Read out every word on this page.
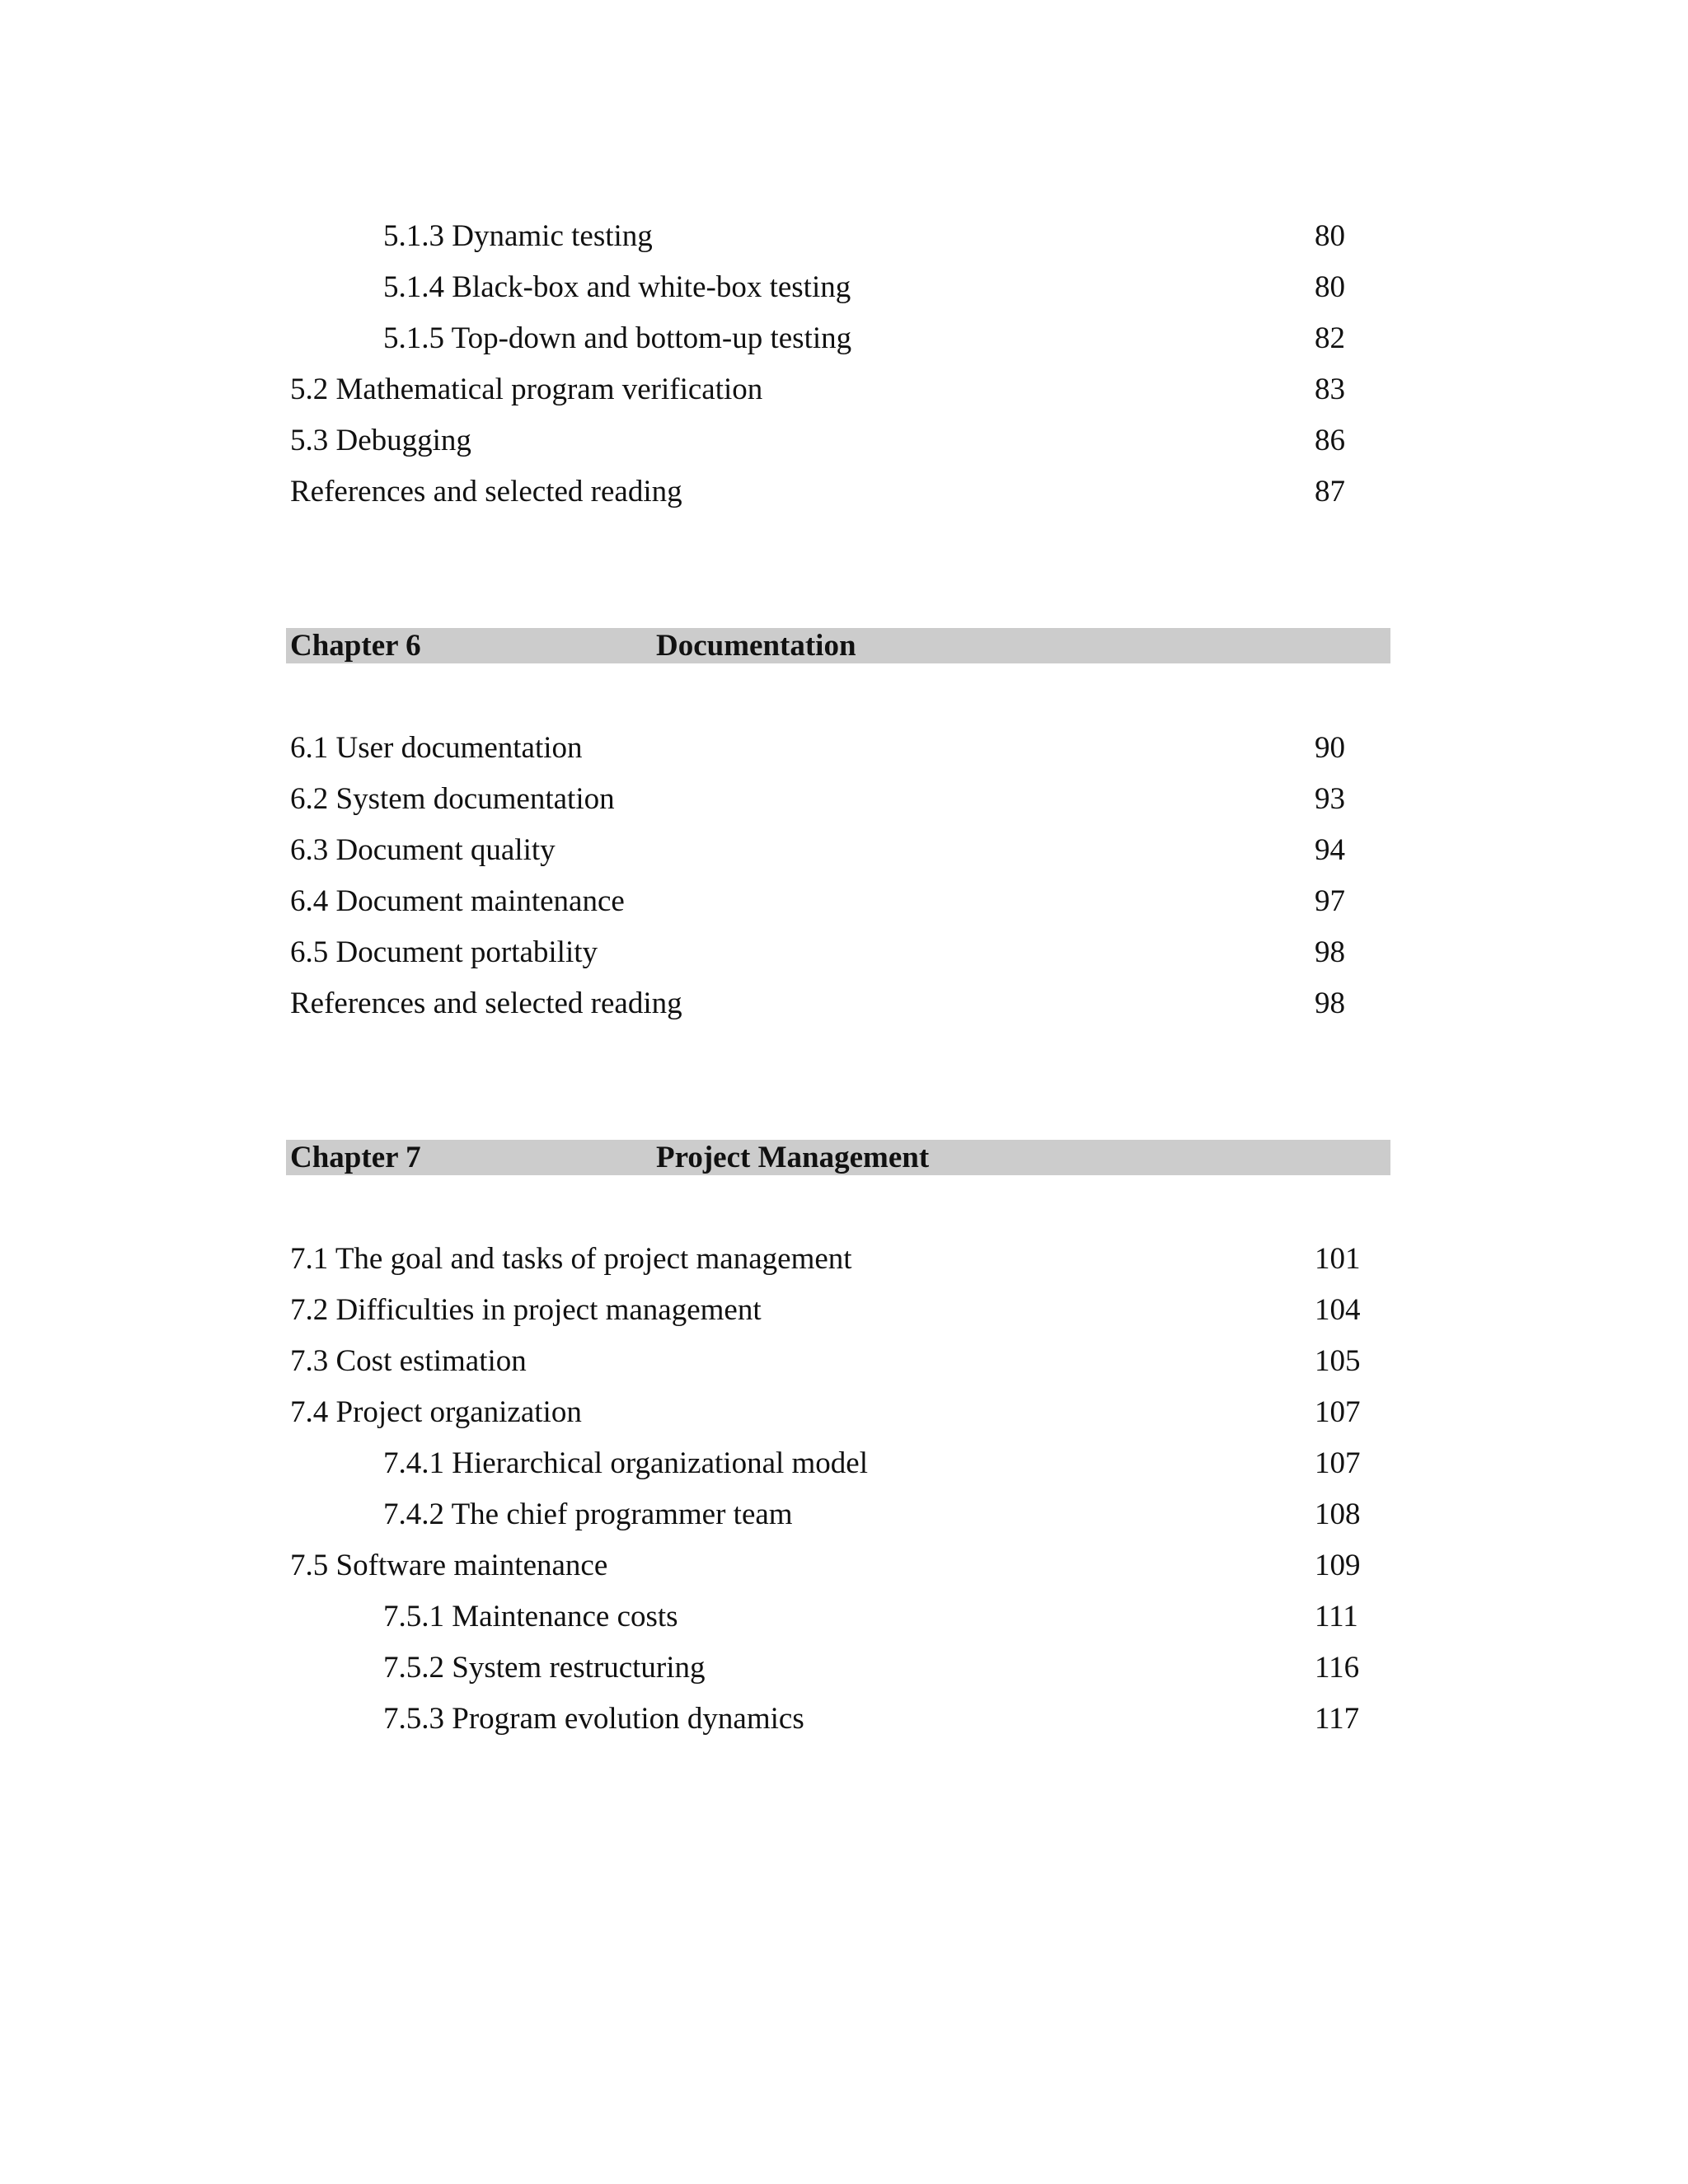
5.1.3 Dynamic testing	80
5.1.4 Black-box and white-box testing	80
5.1.5 Top-down and bottom-up testing	82
5.2 Mathematical program verification	83
5.3 Debugging	86
References and selected reading	87
Chapter 6	Documentation
6.1 User documentation	90
6.2 System documentation	93
6.3 Document quality	94
6.4 Document maintenance	97
6.5 Document portability	98
References and selected reading	98
Chapter 7	Project Management
7.1 The goal and tasks of project management	101
7.2 Difficulties in project management	104
7.3 Cost estimation	105
7.4 Project organization	107
7.4.1 Hierarchical organizational model	107
7.4.2 The chief programmer team	108
7.5 Software maintenance	109
7.5.1 Maintenance costs	111
7.5.2 System restructuring	116
7.5.3 Program evolution dynamics	117
